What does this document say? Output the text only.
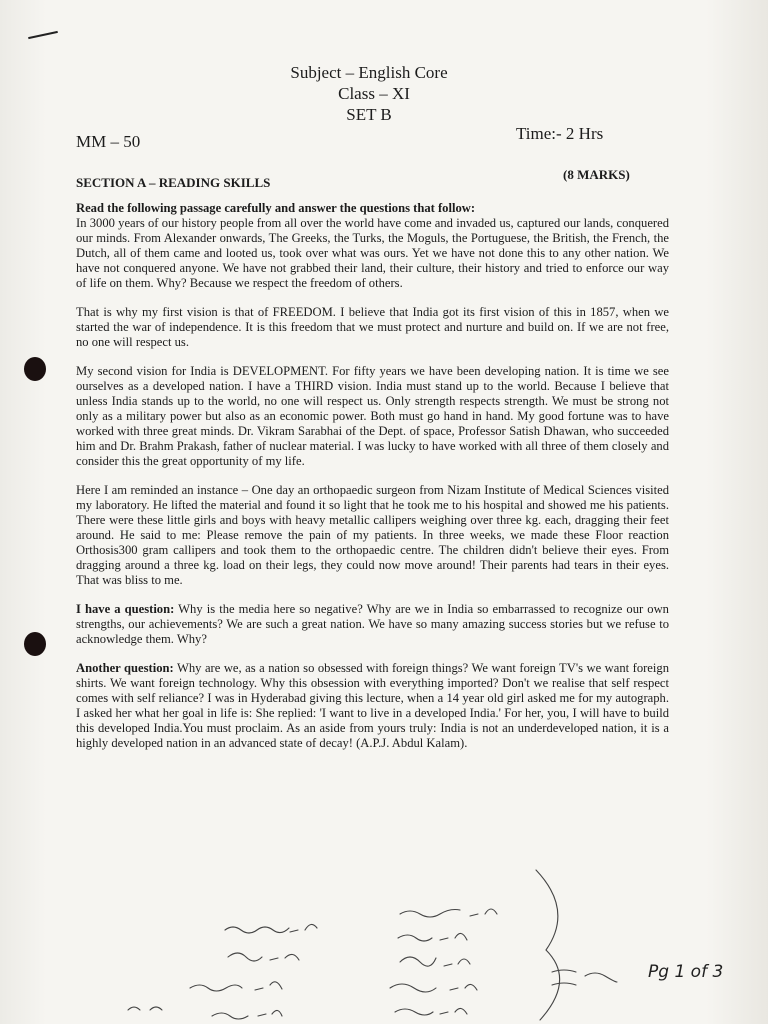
Subject – English Core
Class – XI
SET B
MM – 50	Time:- 2 Hrs
SECTION A – READING SKILLS
(8 MARKS)

Read the following passage carefully and answer the questions that follow:

In 3000 years of our history people from all over the world have come and invaded us, captured our lands, conquered our minds. From Alexander onwards, The Greeks, the Turks, the Moguls, the Portuguese, the British, the French, the Dutch, all of them came and looted us, took over what was ours. Yet we have not done this to any other nation. We have not conquered anyone. We have not grabbed their land, their culture, their history and tried to enforce our way of life on them. Why? Because we respect the freedom of others.

That is why my first vision is that of FREEDOM. I believe that India got its first vision of this in 1857, when we started the war of independence. It is this freedom that we must protect and nurture and build on. If we are not free, no one will respect us.

My second vision for India is DEVELOPMENT. For fifty years we have been developing nation. It is time we see ourselves as a developed nation. I have a THIRD vision. India must stand up to the world. Because I believe that unless India stands up to the world, no one will respect us. Only strength respects strength. We must be strong not only as a military power but also as an economic power. Both must go hand in hand. My good fortune was to have worked with three great minds. Dr. Vikram Sarabhai of the Dept. of space, Professor Satish Dhawan, who succeeded him and Dr. Brahm Prakash, father of nuclear material. I was lucky to have worked with all three of them closely and consider this the great opportunity of my life.

Here I am reminded an instance – One day an orthopaedic surgeon from Nizam Institute of Medical Sciences visited my laboratory. He lifted the material and found it so light that he took me to his hospital and showed me his patients. There were these little girls and boys with heavy metallic callipers weighing over three kg. each, dragging their feet around. He said to me: Please remove the pain of my patients. In three weeks, we made these Floor reaction Orthosis300 gram callipers and took them to the orthopaedic centre. The children didn't believe their eyes. From dragging around a three kg. load on their legs, they could now move around! Their parents had tears in their eyes. That was bliss to me.

I have a question: Why is the media here so negative? Why are we in India so embarrassed to recognize our own strengths, our achievements? We are such a great nation. We have so many amazing success stories but we refuse to acknowledge them. Why?

Another question: Why are we, as a nation so obsessed with foreign things? We want foreign TV's we want foreign shirts. We want foreign technology. Why this obsession with everything imported? Don't we realise that self respect comes with self reliance? I was in Hyderabad giving this lecture, when a 14 year old girl asked me for my autograph. I asked her what her goal in life is: She replied: 'I want to live in a developed India.' For her, you, I will have to build this developed India.You must proclaim. As an aside from yours truly: India is not an underdeveloped nation, it is a highly developed nation in an advanced state of decay! (A.P.J. Abdul Kalam).

Pg 1 of 3
